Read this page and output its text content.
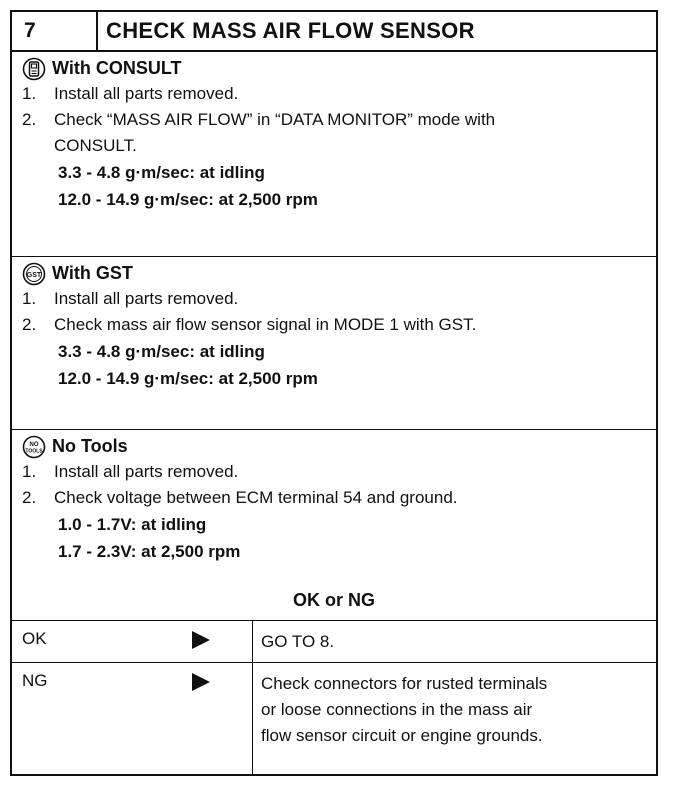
7	CHECK MASS AIR FLOW SENSOR
With CONSULT
1. Install all parts removed.
2. Check “MASS AIR FLOW” in “DATA MONITOR” mode with
CONSULT.
3.3 - 4.8 g·m/sec: at idling
12.0 - 14.9 g·m/sec: at 2,500 rpm
GST With GST
1. Install all parts removed.
2. Check mass air flow sensor signal in MODE 1 with GST.
3.3 - 4.8 g·m/sec: at idling
12.0 - 14.9 g·m/sec: at 2,500 rpm
NO
TOOLS No Tools
1. Install all parts removed.
2. Check voltage between ECM terminal 54 and ground.
1.0 - 1.7V: at idling
1.7 - 2.3V: at 2,500 rpm
OK or NG
OK	GO TO 8.
NG	Check connectors for rusted terminals
or loose connections in the mass air
flow sensor circuit or engine grounds.
